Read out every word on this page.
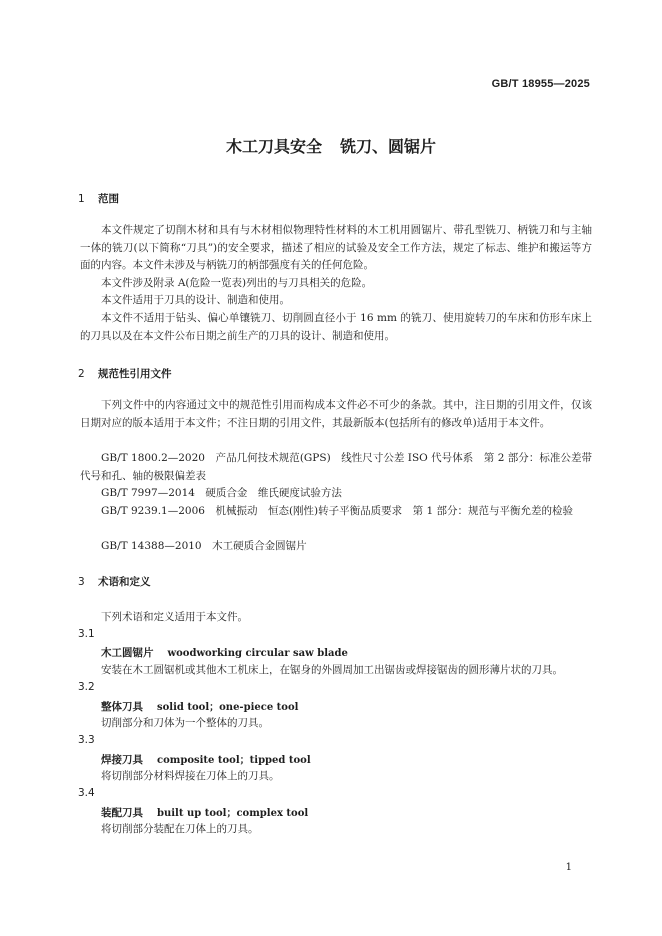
GB/T 18955—2025
木工刀具安全 铣刀、圆锯片
1 范围

本文件规定了切削木材和具有与木材相似物理特性材料的木工机用圆锯片、带孔型铣刀、柄铣刀和与主轴一体的铣刀(以下简称“刀具”)的安全要求，描述了相应的试验及安全工作方法，规定了标志、维护和搬运等方面的内容。本文件未涉及与柄铣刀的柄部强度有关的任何危险。

本文件涉及附录 A(危险一览表)列出的与刀具相关的危险。

本文件适用于刀具的设计、制造和使用。

本文件不适用于钻头、偏心单镶铣刀、切削圆直径小于 16 mm 的铣刀、使用旋转刀的车床和仿形车床上的刀具以及在本文件公布日期之前生产的刀具的设计、制造和使用。

2 规范性引用文件

下列文件中的内容通过文中的规范性引用而构成本文件必不可少的条款。其中，注日期的引用文件，仅该日期对应的版本适用于本文件；不注日期的引用文件，其最新版本(包括所有的修改单)适用于本文件。

GB/T 1800.2—2020　产品几何技术规范(GPS)　线性尺寸公差 ISO 代号体系　第 2 部分：标准公差带代号和孔、轴的极限偏差表

GB/T 7997—2014　硬质合金　维氏硬度试验方法

GB/T 9239.1—2006　机械振动　恒态(刚性)转子平衡品质要求　第 1 部分：规范与平衡允差的检验

GB/T 14388—2010　木工硬质合金圆锯片

3 术语和定义
下列术语和定义适用于本文件。
3.1
木工圆锯片 woodworking circular saw blade
安装在木工圆锯机或其他木工机床上，在锯身的外圆周加工出锯齿或焊接锯齿的圆形薄片状的刀具。
3.2
整体刀具 solid tool；one-piece tool
切削部分和刀体为一个整体的刀具。
3.3
焊接刀具 composite tool；tipped tool
将切削部分材料焊接在刀体上的刀具。
3.4
装配刀具 built up tool；complex tool
将切削部分装配在刀体上的刀具。
1
